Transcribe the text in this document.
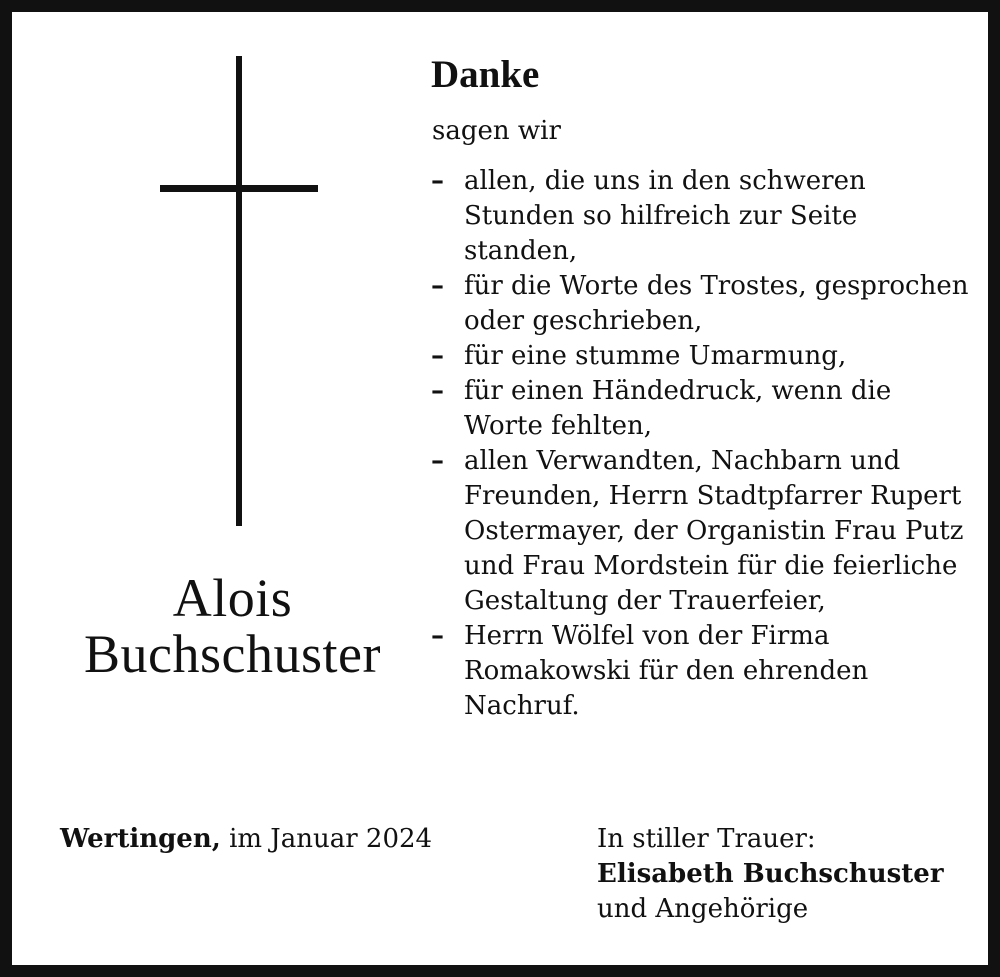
Alois
Buchschuster
Danke
sagen wir
– allen, die uns in den schweren Stunden so hilfreich zur Seite standen,
– für die Worte des Trostes, gesprochen oder geschrieben,
– für eine stumme Umarmung,
– für einen Händedruck, wenn die Worte fehlten,
– allen Verwandten, Nachbarn und Freunden, Herrn Stadtpfarrer Rupert Ostermayer, der Organistin Frau Putz und Frau Mordstein für die feierliche Gestaltung der Trauerfeier,
– Herrn Wölfel von der Firma Romakowski für den ehrenden Nachruf.
Wertingen, im Januar 2024	In stiller Trauer:
Elisabeth Buchschuster
und Angehörige
